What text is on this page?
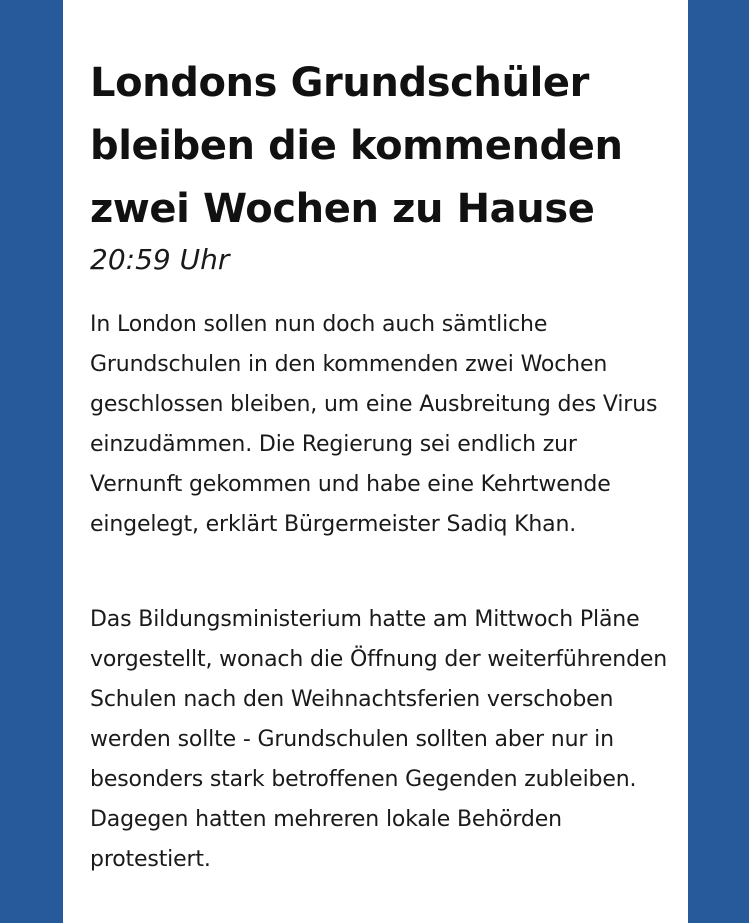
Londons Grundschüler bleiben die kommenden zwei Wochen zu Hause
20:59 Uhr

In London sollen nun doch auch sämtliche Grundschulen in den kommenden zwei Wochen geschlossen bleiben, um eine Ausbreitung des Virus einzudämmen. Die Regierung sei endlich zur Vernunft gekommen und habe eine Kehrtwende eingelegt, erklärt Bürgermeister Sadiq Khan.

Das Bildungsministerium hatte am Mittwoch Pläne vorgestellt, wonach die Öffnung der weiterführenden Schulen nach den Weihnachtsferien verschoben werden sollte - Grundschulen sollten aber nur in besonders stark betroffenen Gegenden zubleiben. Dagegen hatten mehreren lokale Behörden protestiert.
